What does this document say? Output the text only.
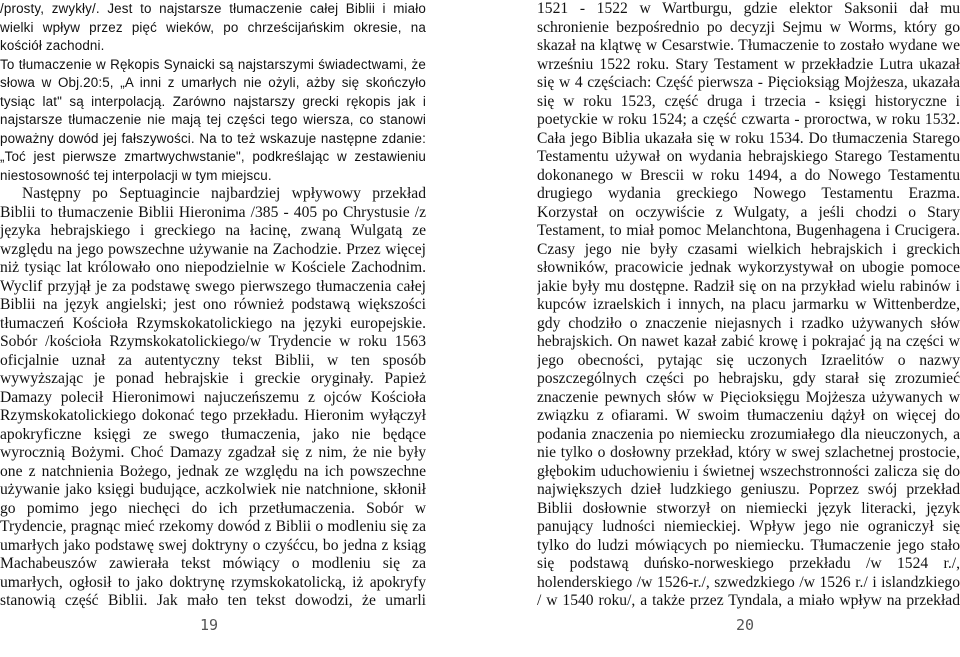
/prosty, zwykły/. Jest to najstarsze tłumaczenie całej Biblii i miało wielki wpływ przez pięć wieków, po chrześcijańskim okresie, na kościół zachodni.

To tłumaczenie w Rękopis Synaicki są najstarszymi świadectwami, że słowa w Obj.20:5, „A inni z umarłych nie ożyli, ażby się skończyło tysiąc lat" są interpolacją. Zarówno najstarszy grecki rękopis jak i najstarsze tłumaczenie nie mają tej części tego wiersza, co stanowi poważny dowód jej fałszywości. Na to też wskazuje następne zdanie: „Toć jest pierwsze zmartwychwstanie", podkreślając w zestawieniu niestosowność tej interpolacji w tym miejscu.

Następny po Septuagincie najbardziej wpływowy przekład Biblii to tłumaczenie Biblii Hieronima /385 - 405 po Chrystusie /z języka hebrajskiego i greckiego na łacinę, zwaną Wulgatą ze względu na jego powszechne używanie na Zachodzie. Przez więcej niż tysiąc lat królowało ono niepodzielnie w Kościele Zachodnim. Wyclif przyjął je za podstawę swego pierwszego tłumaczenia całej Biblii na język angielski; jest ono również podstawą większości tłumaczeń Kościoła Rzymskokatolickiego na języki europejskie. Sobór /kościoła Rzymskokatolickiego/w Trydencie w roku 1563 oficjalnie uznał za autentyczny tekst Biblii, w ten sposób wywyższając je ponad hebrajskie i greckie oryginały. Papież Damazy polecił Hieronimowi najuczeńszemu z ojców Kościoła Rzymskokatolickiego dokonać tego przekładu. Hieronim wyłączył apokryficzne księgi ze swego tłumaczenia, jako nie będące wyrocznią Bożymi. Choć Damazy zgadzał się z nim, że nie były one z natchnienia Bożego, jednak ze względu na ich powszechne używanie jako księgi budujące, aczkolwiek nie natchnione, skłonił go pomimo jego niechęci do ich przetłumaczenia. Sobór w Trydencie, pragnąc mieć rzekomy dowód z Biblii o modleniu się za umarłych jako podstawę swej doktryny o czyśćcu, bo jedna z ksiąg Machabeuszów zawierała tekst mówiący o modleniu się za umarłych, ogłosił to jako doktrynę rzymskokatolicką, iż apokryfy stanowią część Biblii. Jak mało ten tekst dowodzi, że umarli

1521 - 1522 w Wartburgu, gdzie elektor Saksonii dał mu schronienie bezpośrednio po decyzji Sejmu w Worms, który go skazał na klątwę w Cesarstwie. Tłumaczenie to zostało wydane we wrześniu 1522 roku. Stary Testament w przekładzie Lutra ukazał się w 4 częściach: Część pierwsza - Pięcioksiąg Mojżesza, ukazała się w roku 1523, część druga i trzecia - księgi historyczne i poetyckie w roku 1524; a część czwarta - proroctwa, w roku 1532. Cała jego Biblia ukazała się w roku 1534. Do tłumaczenia Starego Testamentu używał on wydania hebrajskiego Starego Testamentu dokonanego w Brescii w roku 1494, a do Nowego Testamentu drugiego wydania greckiego Nowego Testamentu Erazma. Korzystał on oczywiście z Wulgaty, a jeśli chodzi o Stary Testament, to miał pomoc Melanchtona, Bugenhagena i Crucigera. Czasy jego nie były czasami wielkich hebrajskich i greckich słowników, pracowicie jednak wykorzystywał on ubogie pomoce jakie były mu dostępne. Radził się on na przykład wielu rabinów i kupców izraelskich i innych, na placu jarmarku w Wittenberdze, gdy chodziło o znaczenie niejasnych i rzadko używanych słów hebrajskich. On nawet kazał zabić krowę i pokrajać ją na części w jego obecności, pytając się uczonych Izraelitów o nazwy poszczególnych części po hebrajsku, gdy starał się zrozumieć znaczenie pewnych słów w Pięcioksięgu Mojżesza używanych w związku z ofiarami. W swoim tłumaczeniu dążył on więcej do podania znaczenia po niemiecku zrozumiałego dla nieuczonych, a nie tylko o dosłowny przekład, który w swej szlachetnej prostocie, głębokim uduchowieniu i świetnej wszechstronności zalicza się do największych dzieł ludzkiego geniuszu. Poprzez swój przekład Biblii dosłownie stworzył on niemiecki język literacki, język panujący ludności niemieckiej. Wpływ jego nie ograniczył się tylko do ludzi mówiących po niemiecku. Tłumaczenie jego stało się podstawą duńsko-norweskiego przekładu /w 1524 r./, holenderskiego /w 1526-r./, szwedzkiego /w 1526 r./ i islandzkiego / w 1540 roku/, a także przez Tyndala, a miało wpływ na przekład

19	20
